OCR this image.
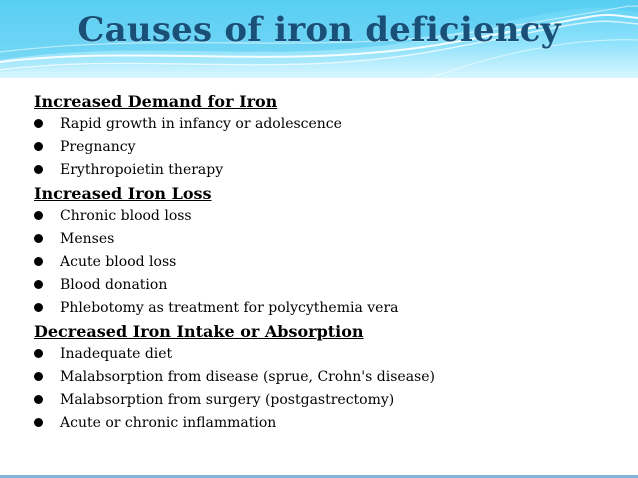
Causes of iron deficiency
Increased Demand for Iron
Rapid growth in infancy or adolescence
Pregnancy
Erythropoietin therapy
Increased Iron Loss
Chronic blood loss
Menses
Acute blood loss
Blood donation
Phlebotomy as treatment for polycythemia vera
Decreased Iron Intake or Absorption
Inadequate diet
Malabsorption from disease (sprue, Crohn's disease)
Malabsorption from surgery (postgastrectomy)
Acute or chronic inflammation
